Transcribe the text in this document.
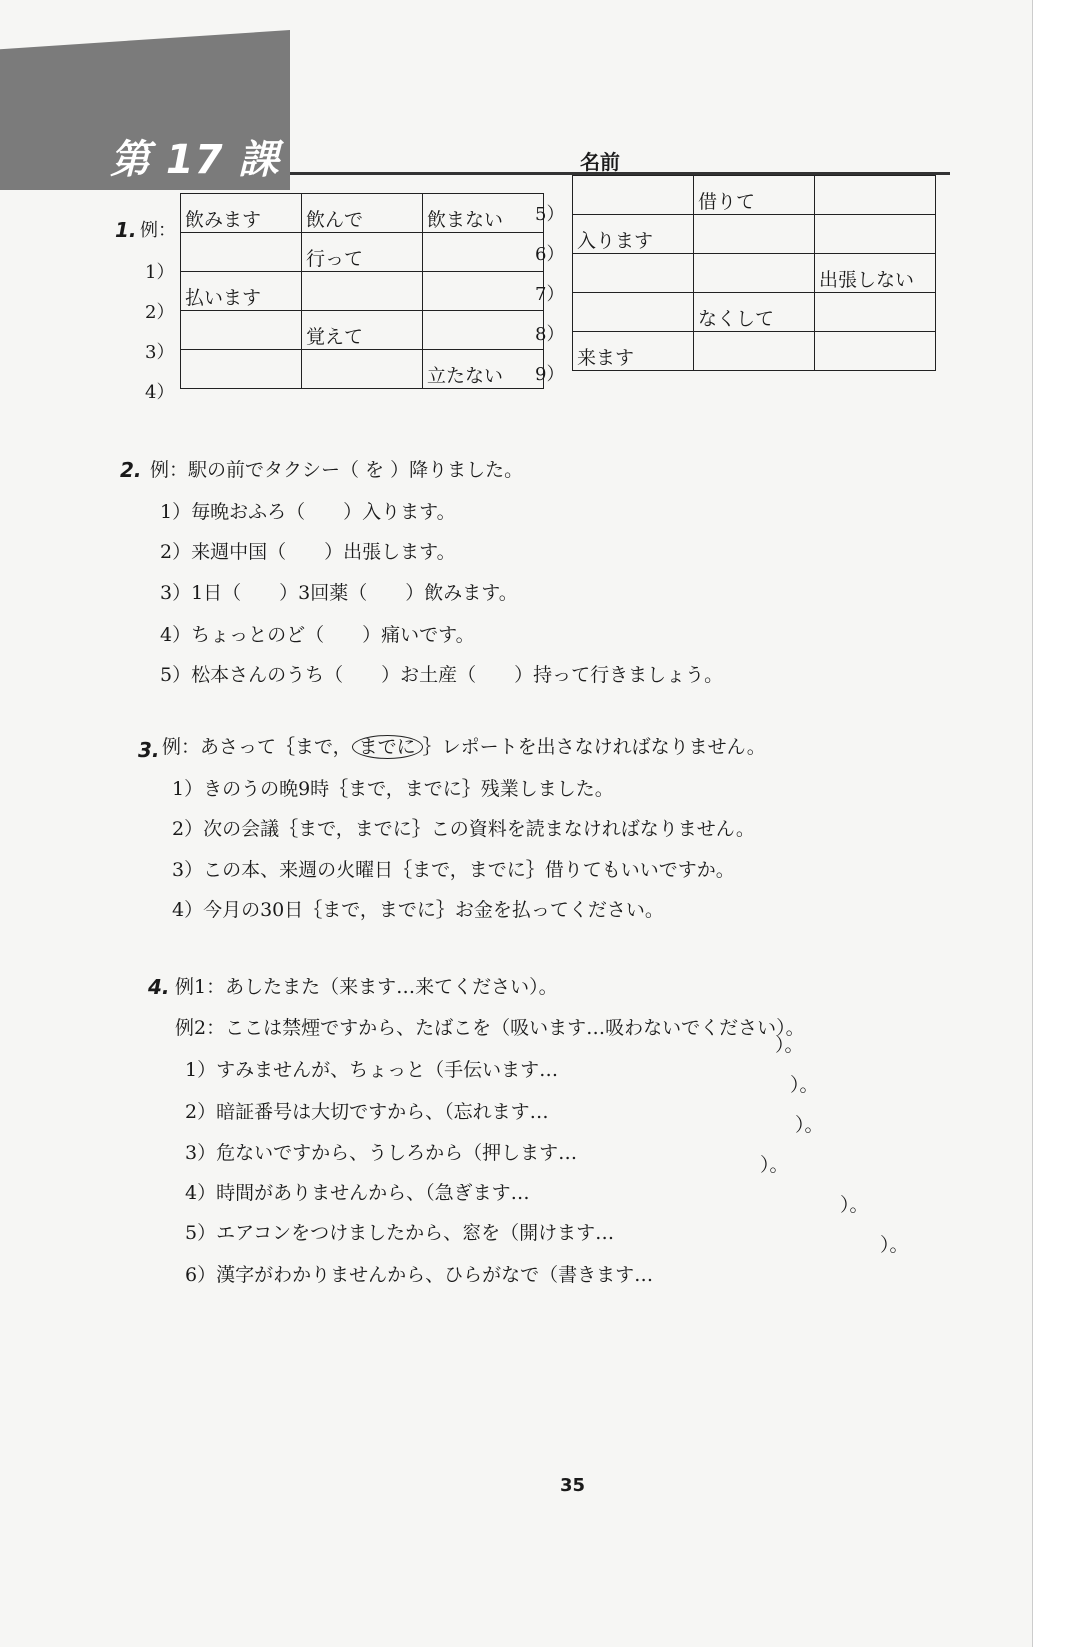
第 17 課	名前
1. 例：
1）
2）
3）
4）
飲みます	飲んで	飲まない
	行って	
払います		
	覚えて	
		立たない
5）
6）
7）
8）
9）
	借りて	
入ります		
		出張しない
	なくして	
来ます		
2. 例：駅の前でタクシー（ を ）降りました。
1）毎晩おふろ（　　）入ります。
2）来週中国（　　）出張します。
3）1日（　　）3回薬（　　）飲みます。
4）ちょっとのど（　　）痛いです。
5）松本さんのうち（　　）お土産（　　）持って行きましょう。
3. 例：あさって｛まで， までに ｝レポートを出さなければなりません。
1）きのうの晩9時｛まで，までに｝残業しました。
2）次の会議｛まで，までに｝この資料を読まなければなりません。
3）この本、来週の火曜日｛まで，までに｝借りてもいいですか。
4）今月の30日｛まで，までに｝お金を払ってください。
4. 例1：あしたまた（来ます…来てください）。
例2：ここは禁煙ですから、たばこを（吸います…吸わないでください）。
1）すみませんが、ちょっと（手伝います…
）。
2）暗証番号は大切ですから、（忘れます…
）。
3）危ないですから、うしろから（押します…
）。
4）時間がありませんから、（急ぎます…
）。
5）エアコンをつけましたから、窓を（開けます…
）。
6）漢字がわかりませんから、ひらがなで（書きます…
）。
35
